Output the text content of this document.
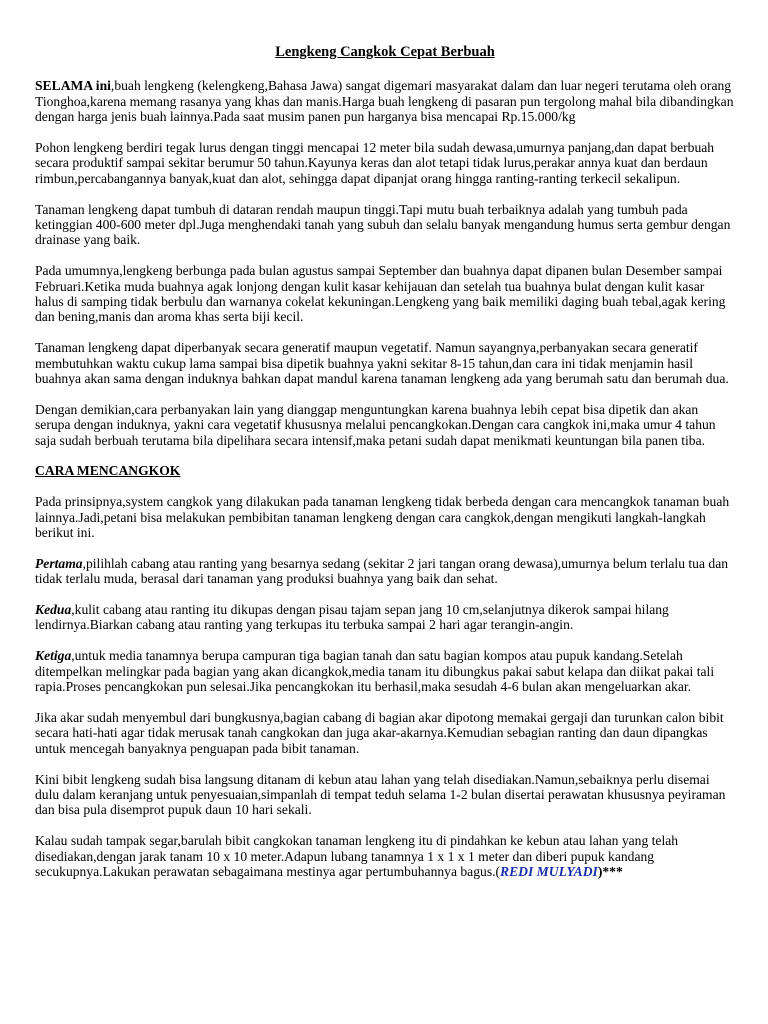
Lengkeng Cangkok Cepat Berbuah

SELAMA ini,buah lengkeng (kelengkeng,Bahasa Jawa) sangat digemari masyarakat dalam dan luar negeri terutama oleh orang Tionghoa,karena memang rasanya yang khas dan manis.Harga buah lengkeng di pasaran pun tergolong mahal bila dibandingkan dengan harga jenis buah lainnya.Pada saat musim panen pun harganya bisa mencapai Rp.15.000/kg

Pohon lengkeng berdiri tegak lurus dengan tinggi mencapai 12 meter bila sudah dewasa,umurnya panjang,dan dapat berbuah secara produktif sampai sekitar berumur 50 tahun.Kayunya keras dan alot tetapi tidak lurus,perakar annya kuat dan berdaun rimbun,percabangannya banyak,kuat dan alot, sehingga dapat dipanjat orang hingga ranting-ranting terkecil sekalipun.

Tanaman lengkeng dapat tumbuh di dataran rendah maupun tinggi.Tapi mutu buah terbaiknya adalah yang tumbuh pada ketinggian 400-600 meter dpl.Juga menghendaki tanah yang subuh dan selalu banyak mengandung humus serta gembur dengan drainase yang baik.

Pada umumnya,lengkeng berbunga pada bulan agustus sampai September dan buahnya dapat dipanen bulan Desember sampai Februari.Ketika muda buahnya agak lonjong dengan kulit kasar kehijauan dan setelah tua buahnya bulat dengan kulit kasar halus di samping tidak berbulu dan warnanya cokelat kekuningan.Lengkeng yang baik memiliki daging buah tebal,agak kering dan bening,manis dan aroma khas serta biji kecil.

Tanaman lengkeng dapat diperbanyak secara generatif maupun vegetatif. Namun sayangnya,perbanyakan secara generatif membutuhkan waktu cukup lama sampai bisa dipetik buahnya yakni sekitar 8-15 tahun,dan cara ini tidak menjamin hasil buahnya akan sama dengan induknya bahkan dapat mandul karena tanaman lengkeng ada yang berumah satu dan berumah dua.

Dengan demikian,cara perbanyakan lain yang dianggap menguntungkan karena buahnya lebih cepat bisa dipetik dan akan serupa dengan induknya, yakni cara vegetatif khususnya melalui pencangkokan.Dengan cara cangkok ini,maka umur 4 tahun saja sudah berbuah terutama bila dipelihara secara intensif,maka petani sudah dapat menikmati keuntungan bila panen tiba.

CARA MENCANGKOK

Pada prinsipnya,system cangkok yang dilakukan pada tanaman lengkeng tidak berbeda dengan cara mencangkok tanaman buah lainnya.Jadi,petani bisa melakukan pembibitan tanaman lengkeng dengan cara cangkok,dengan mengikuti langkah-langkah berikut ini.

Pertama,pilihlah cabang atau ranting yang besarnya sedang (sekitar 2 jari tangan orang dewasa),umurnya belum terlalu tua dan tidak terlalu muda, berasal dari tanaman yang produksi buahnya yang baik dan sehat.

Kedua,kulit cabang atau ranting itu dikupas dengan pisau tajam sepan jang 10 cm,selanjutnya dikerok sampai hilang lendirnya.Biarkan cabang atau ranting yang terkupas itu terbuka sampai 2 hari agar terangin-angin.

Ketiga,untuk media tanamnya berupa campuran tiga bagian tanah dan satu bagian kompos atau pupuk kandang.Setelah ditempelkan melingkar pada bagian yang akan dicangkok,media tanam itu dibungkus pakai sabut kelapa dan diikat pakai tali rapia.Proses pencangkokan pun selesai.Jika pencangkokan itu berhasil,maka sesudah 4-6 bulan akan mengeluarkan akar.

Jika akar sudah menyembul dari bungkusnya,bagian cabang di bagian akar dipotong memakai gergaji dan turunkan calon bibit secara hati-hati agar tidak merusak tanah cangkokan dan juga akar-akarnya.Kemudian sebagian ranting dan daun dipangkas untuk mencegah banyaknya penguapan pada bibit tanaman.

Kini bibit lengkeng sudah bisa langsung ditanam di kebun atau lahan yang telah disediakan.Namun,sebaiknya perlu disemai dulu dalam keranjang untuk penyesuaian,simpanlah di tempat teduh selama 1-2 bulan disertai perawatan khususnya peyiraman dan bisa pula disemprot pupuk daun 10 hari sekali.

Kalau sudah tampak segar,barulah bibit cangkokan tanaman lengkeng itu di pindahkan ke kebun atau lahan yang telah disediakan,dengan jarak tanam 10 x 10 meter.Adapun lubang tanamnya 1 x 1 x 1 meter dan diberi pupuk kandang secukupnya.Lakukan perawatan sebagaimana mestinya agar pertumbuhannya bagus.(REDI MULYADI)***
